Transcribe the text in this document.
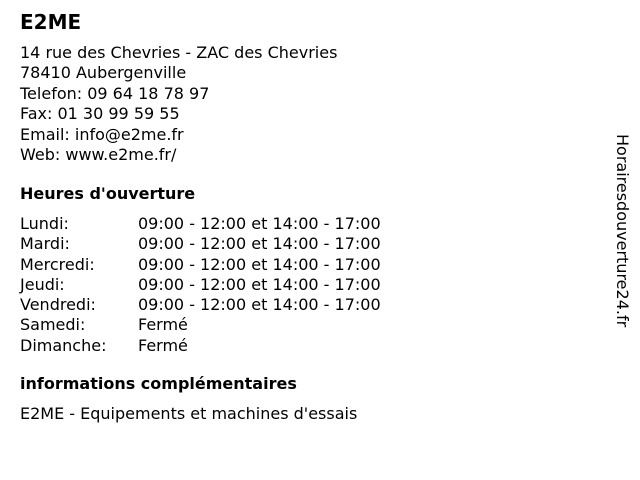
E2ME
14 rue des Chevries - ZAC des Chevries
78410 Aubergenville
Telefon: 09 64 18 78 97
Fax: 01 30 99 59 55
Email: info@e2me.fr
Web: www.e2me.fr/
Heures d'ouverture
Lundi:	09:00 - 12:00 et 14:00 - 17:00
Mardi:	09:00 - 12:00 et 14:00 - 17:00
Mercredi:	09:00 - 12:00 et 14:00 - 17:00
Jeudi:	09:00 - 12:00 et 14:00 - 17:00
Vendredi:	09:00 - 12:00 et 14:00 - 17:00
Samedi:	Fermé
Dimanche:	Fermé
informations complémentaires
E2ME - Equipements et machines d'essais
Horairesdouverture24.fr
